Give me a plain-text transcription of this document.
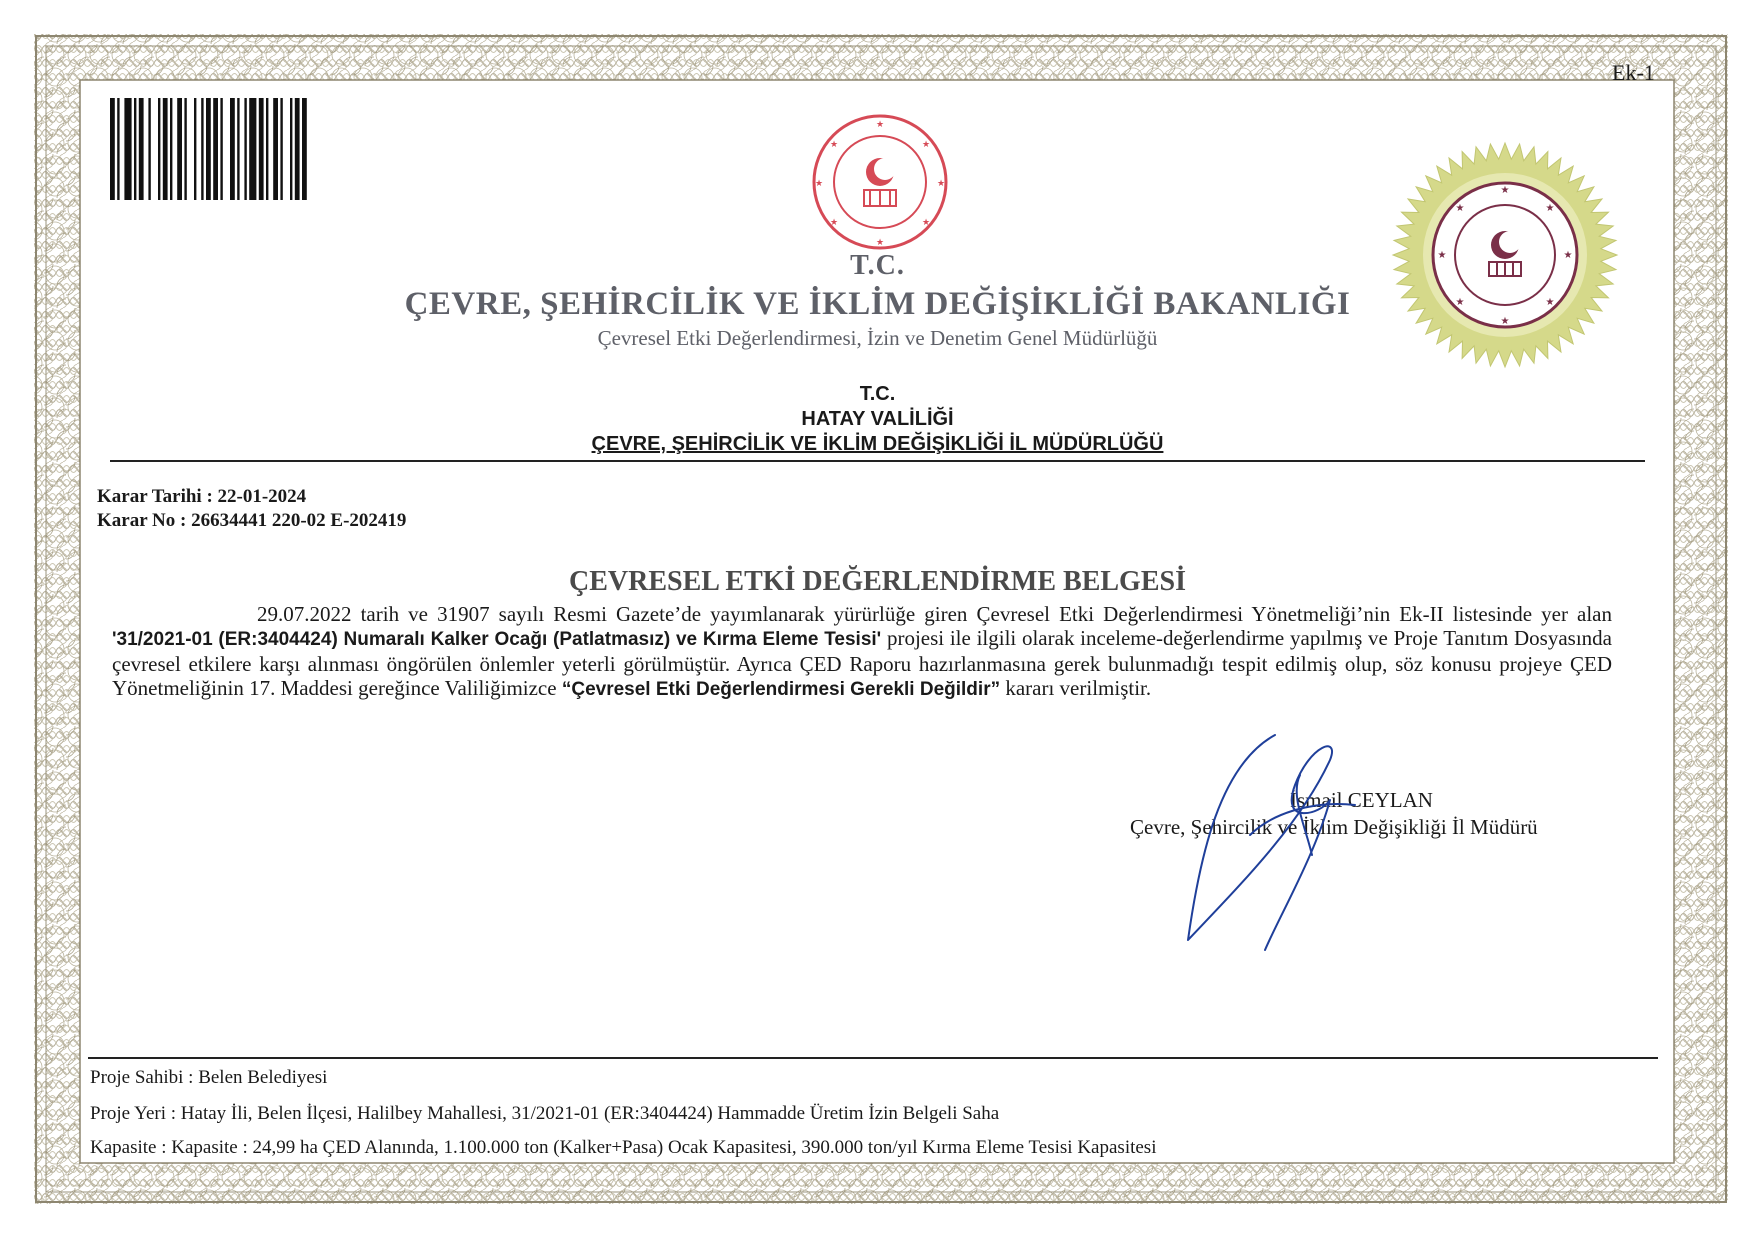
Ek-1
★
★
★
★
★
★
★
★
★
★
★
★
★
★
★
★
T.C.
ÇEVRE, ŞEHİRCİLİK VE İKLİM DEĞİŞİKLİĞİ BAKANLIĞI
Çevresel Etki Değerlendirmesi, İzin ve Denetim Genel Müdürlüğü
T.C.
HATAY VALİLİĞİ
ÇEVRE, ŞEHİRCİLİK VE İKLİM DEĞİŞİKLİĞİ İL MÜDÜRLÜĞÜ
Karar Tarihi : 22-01-2024
Karar No : 26634441 220-02 E-202419
ÇEVRESEL ETKİ DEĞERLENDİRME BELGESİ

29.07.2022 tarih ve 31907 sayılı Resmi Gazete’de yayımlanarak yürürlüğe giren Çevresel Etki Değerlendirmesi Yönetmeliği’nin Ek-II listesinde yer alan '31/2021-01 (ER:3404424) Numaralı Kalker Ocağı (Patlatmasız) ve Kırma Eleme Tesisi' projesi ile ilgili olarak inceleme-değerlendirme yapılmış ve Proje Tanıtım Dosyasında çevresel etkilere karşı alınması öngörülen önlemler yeterli görülmüştür. Ayrıca ÇED Raporu hazırlanmasına gerek bulunmadığı tespit edilmiş olup, söz konusu projeye ÇED Yönetmeliğinin 17. Maddesi gereğince Valiliğimizce “Çevresel Etki Değerlendirmesi Gerekli Değildir” kararı verilmiştir.

İsmail CEYLAN
Çevre, Şehircilik ve İklim Değişikliği İl Müdürü
Proje Sahibi : Belen Belediyesi
Proje Yeri : Hatay İli, Belen İlçesi, Halilbey Mahallesi, 31/2021-01 (ER:3404424) Hammadde Üretim İzin Belgeli Saha
Kapasite : Kapasite : 24,99 ha ÇED Alanında, 1.100.000 ton (Kalker+Pasa) Ocak Kapasitesi, 390.000 ton/yıl Kırma Eleme Tesisi Kapasitesi
